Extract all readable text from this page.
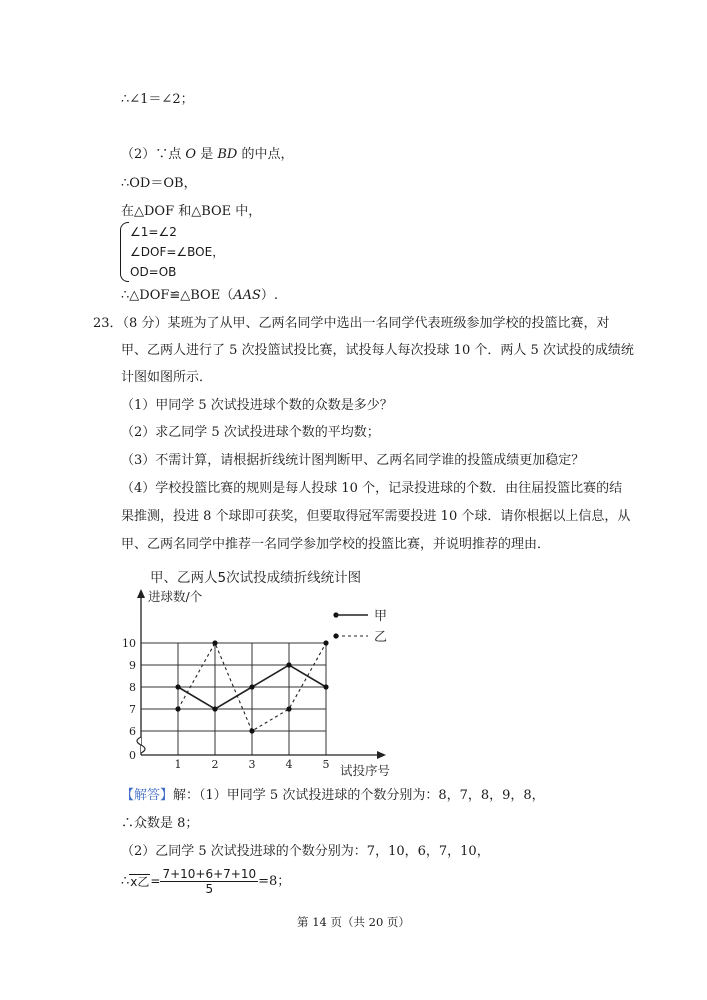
∴∠1＝∠2；
（2）∵点 O 是 BD 的中点，
∴OD＝OB，
在△DOF 和△BOE 中，
∠1=∠2
∠DOF=∠BOE，
OD=OB
∴△DOF≌△BOE（AAS）.
23．（8 分）某班为了从甲、乙两名同学中选出一名同学代表班级参加学校的投篮比赛，对
甲、乙两人进行了 5 次投篮试投比赛，试投每人每次投球 10 个．两人 5 次试投的成绩统
计图如图所示．
（1）甲同学 5 次试投进球个数的众数是多少？
（2）求乙同学 5 次试投进球个数的平均数；
（3）不需计算，请根据折线统计图判断甲、乙两名同学谁的投篮成绩更加稳定？
（4）学校投篮比赛的规则是每人投球 10 个，记录投进球的个数．由往届投篮比赛的结
果推测，投进 8 个球即可获奖，但要取得冠军需要投进 10 个球．请你根据以上信息，从
甲、乙两名同学中推荐一名同学参加学校的投篮比赛，并说明推荐的理由．
甲、乙两人5次试投成绩折线统计图
进球数/个
试投序号
0
6
7
8
9
10
1	2	3	4	5
甲
乙
【解答】解：（1）甲同学 5 次试投进球的个数分别为：8，7，8，9，8，
∴众数是 8；
（2）乙同学 5 次试投进球的个数分别为：7，10，6，7，10，
∴x乙= $\frac{7+10+6+7+10}{5} =8$；
第 14 页（共 20 页）
